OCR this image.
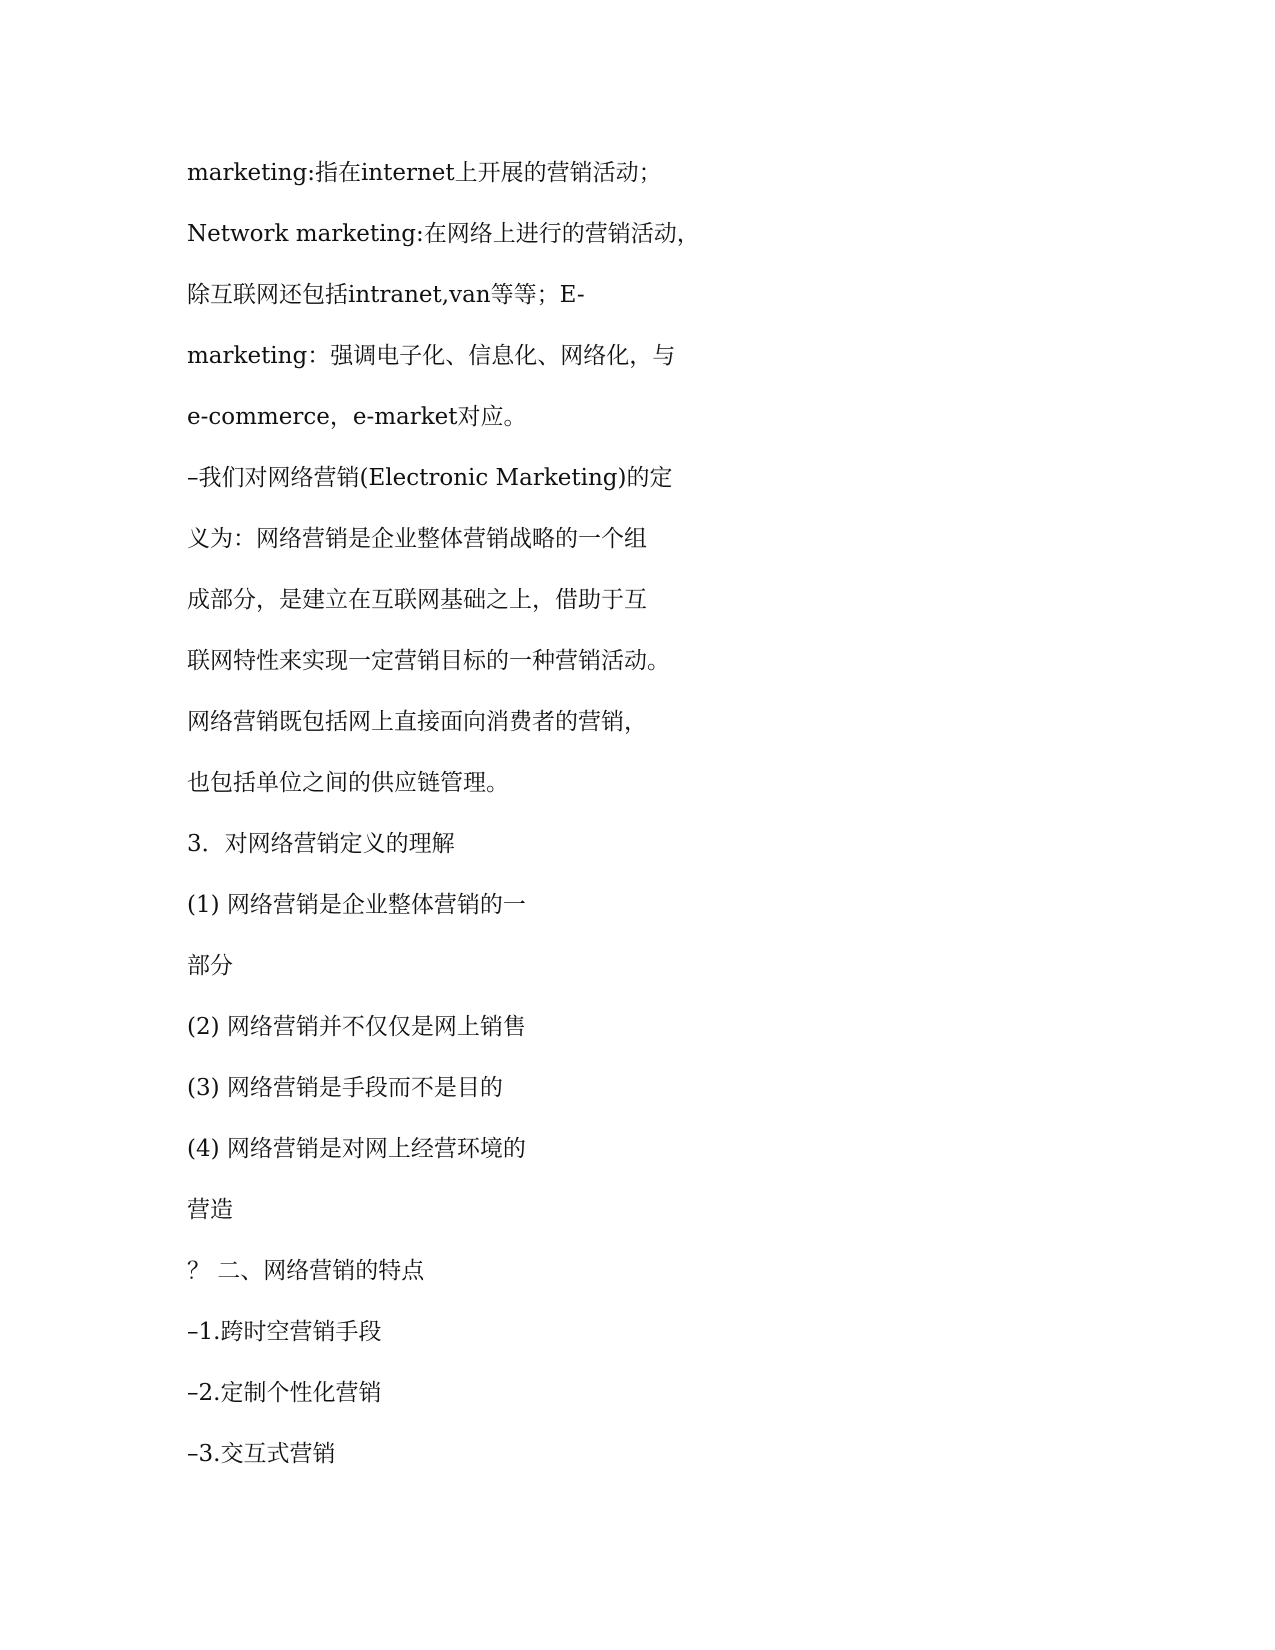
marketing:指在internet上开展的营销活动；
Network marketing:在网络上进行的营销活动，
除互联网还包括intranet,van等等；E-
marketing：强调电子化、信息化、网络化，与
e-commerce，e-market对应。
–我们对网络营销(Electronic Marketing)的定
义为：网络营销是企业整体营销战略的一个组
成部分，是建立在互联网基础之上，借助于互
联网特性来实现一定营销目标的一种营销活动。
网络营销既包括网上直接面向消费者的营销，
也包括单位之间的供应链管理。
3．对网络营销定义的理解
(1) 网络营销是企业整体营销的一
部分
(2) 网络营销并不仅仅是网上销售
(3) 网络营销是手段而不是目的
(4) 网络营销是对网上经营环境的
营造
？ 二、网络营销的特点
–1.跨时空营销手段
–2.定制个性化营销
–3.交互式营销
